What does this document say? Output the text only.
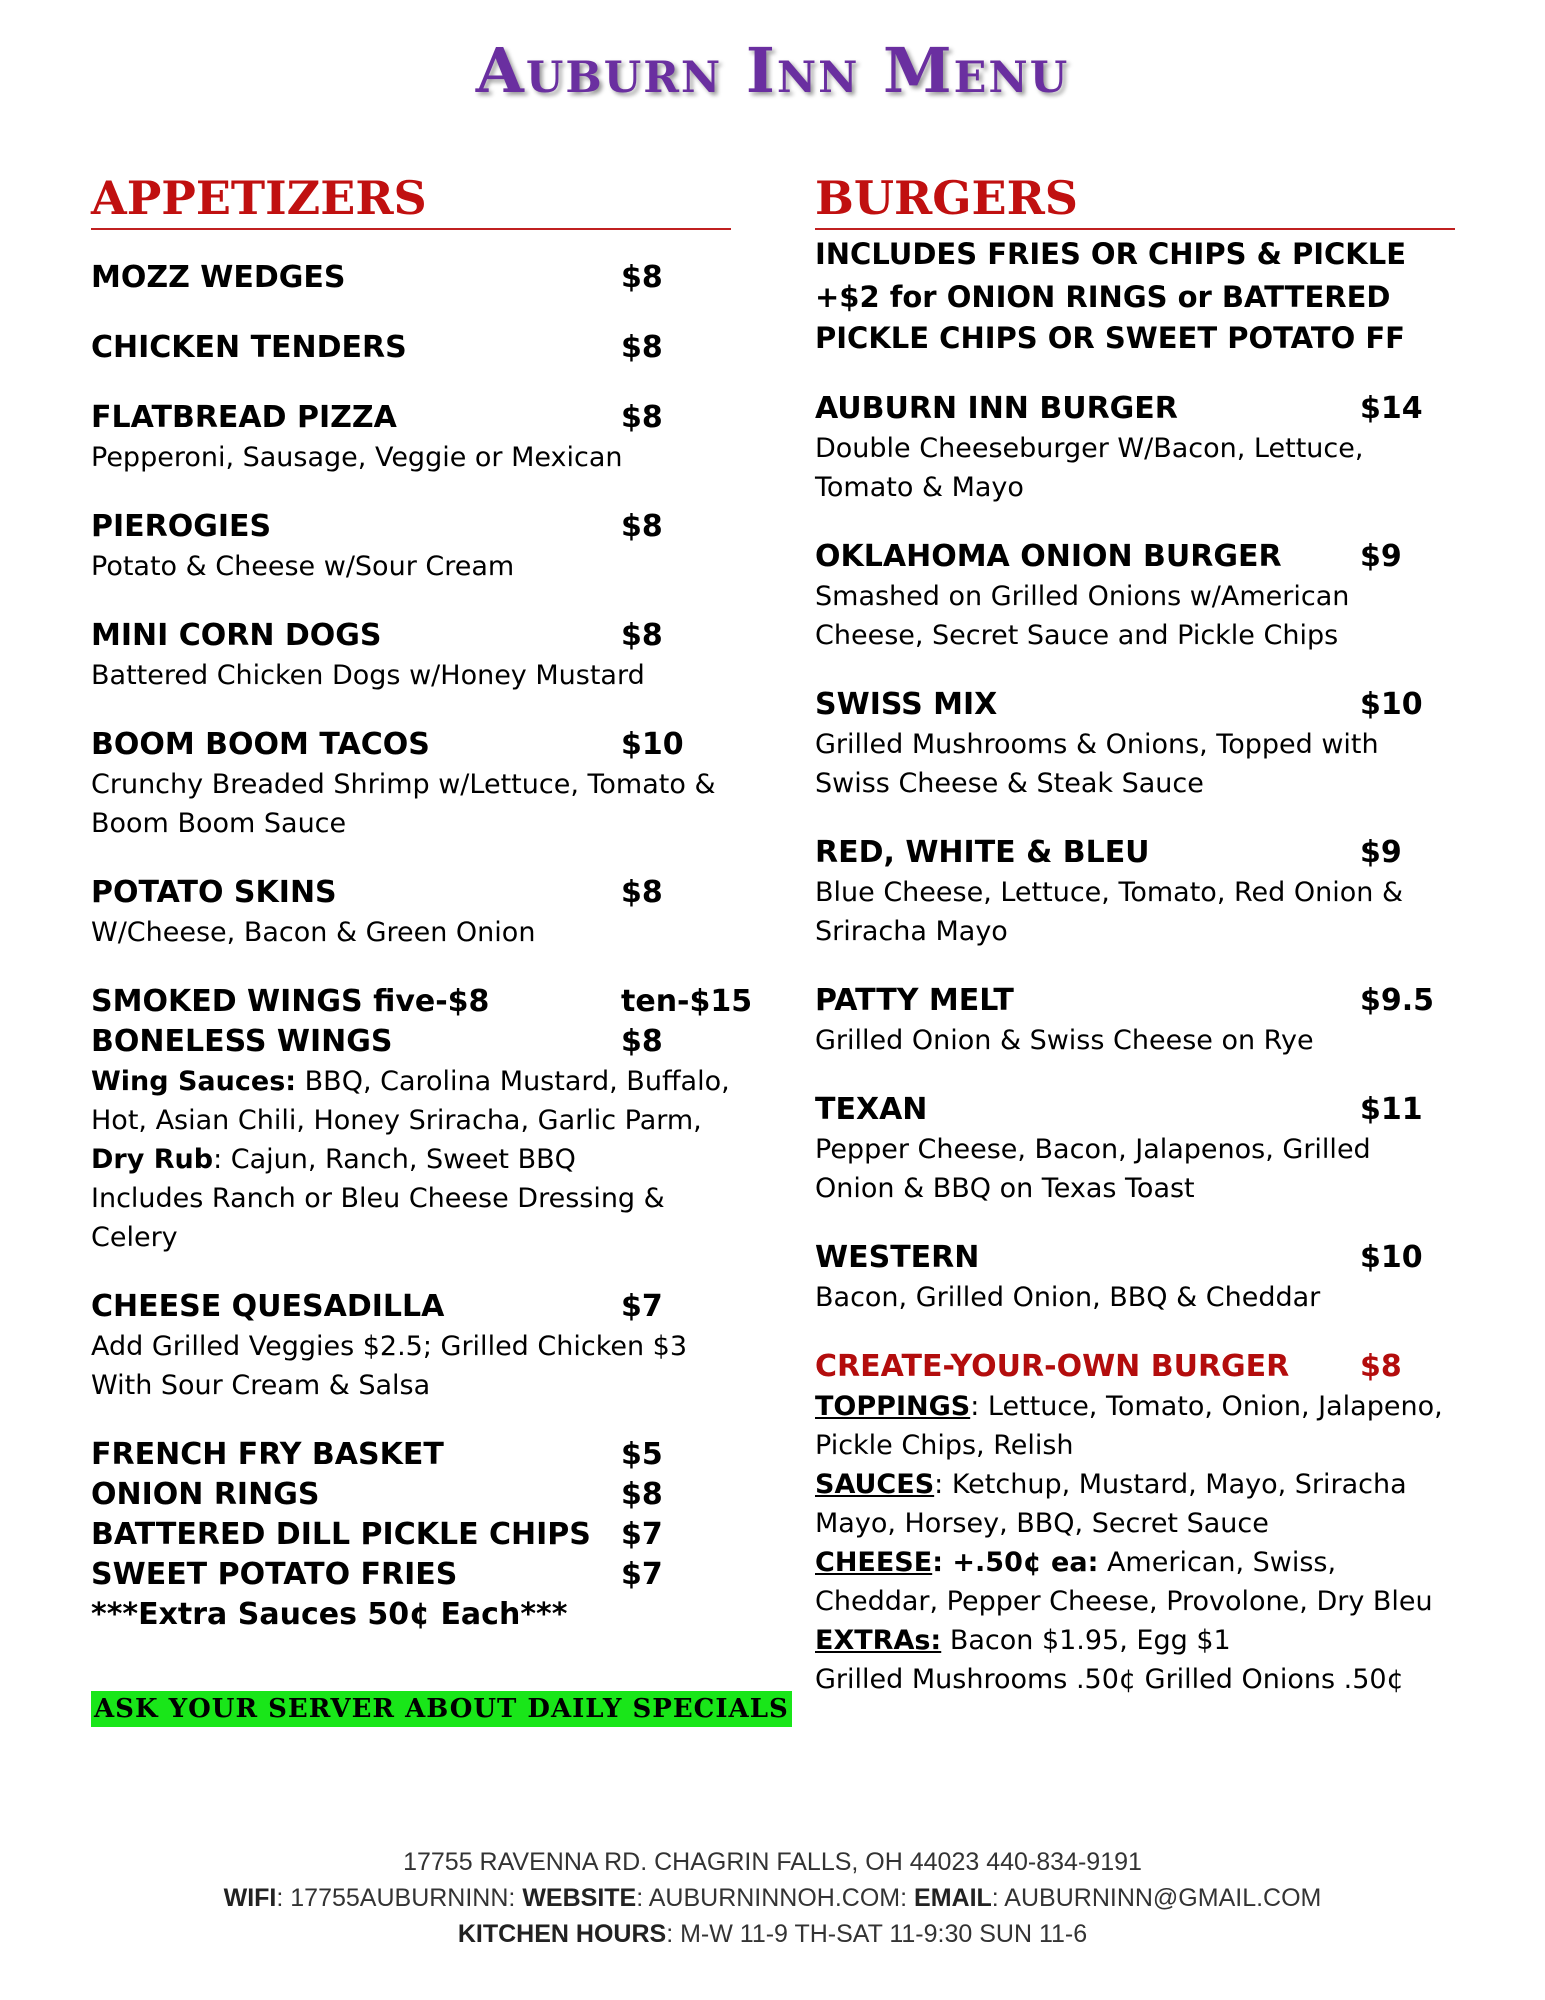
Auburn Inn Menu
APPETIZERS
MOZZ WEDGES	$8
CHICKEN TENDERS	$8
FLATBREAD PIZZA	$8
Pepperoni, Sausage, Veggie or Mexican
PIEROGIES	$8
Potato & Cheese w/Sour Cream
MINI CORN DOGS	$8
Battered Chicken Dogs w/Honey Mustard
BOOM BOOM TACOS	$10
Crunchy Breaded Shrimp w/Lettuce, Tomato & Boom Boom Sauce
POTATO SKINS	$8
W/Cheese, Bacon & Green Onion
SMOKED WINGS five-$8	ten-$15
BONELESS WINGS	$8
Wing Sauces: BBQ, Carolina Mustard, Buffalo, Hot, Asian Chili, Honey Sriracha, Garlic Parm,
Dry Rub: Cajun, Ranch, Sweet BBQ
Includes Ranch or Bleu Cheese Dressing & Celery
CHEESE QUESADILLA	$7
Add Grilled Veggies $2.5; Grilled Chicken $3
With Sour Cream & Salsa
FRENCH FRY BASKET	$5
ONION RINGS	$8
BATTERED DILL PICKLE CHIPS $7
SWEET POTATO FRIES	$7
***Extra Sauces 50¢ Each***
ASK YOUR SERVER ABOUT DAILY SPECIALS
BURGERS
INCLUDES FRIES OR CHIPS & PICKLE
+$2 for ONION RINGS or BATTERED PICKLE CHIPS OR SWEET POTATO FF
AUBURN INN BURGER	$14
Double Cheeseburger W/Bacon, Lettuce, Tomato & Mayo
OKLAHOMA ONION BURGER	$9
Smashed on Grilled Onions w/American Cheese, Secret Sauce and Pickle Chips
SWISS MIX	$10
Grilled Mushrooms & Onions, Topped with Swiss Cheese & Steak Sauce
RED, WHITE & BLEU	$9
Blue Cheese, Lettuce, Tomato, Red Onion & Sriracha Mayo
PATTY MELT	$9.5
Grilled Onion & Swiss Cheese on Rye
TEXAN	$11
Pepper Cheese, Bacon, Jalapenos, Grilled Onion & BBQ on Texas Toast
WESTERN	$10
Bacon, Grilled Onion, BBQ & Cheddar
CREATE-YOUR-OWN BURGER $8
TOPPINGS: Lettuce, Tomato, Onion, Jalapeno, Pickle Chips, Relish
SAUCES: Ketchup, Mustard, Mayo, Sriracha Mayo, Horsey, BBQ, Secret Sauce
CHEESE: +.50¢ ea: American, Swiss, Cheddar, Pepper Cheese, Provolone, Dry Bleu
EXTRAs: Bacon $1.95, Egg $1
Grilled Mushrooms .50¢ Grilled Onions .50¢
17755 RAVENNA RD. CHAGRIN FALLS, OH 44023 440-834-9191
WIFI: 17755AUBURNINN: WEBSITE: AUBURNINNOH.COM: EMAIL: AUBURNINN@GMAIL.COM
KITCHEN HOURS: M-W 11-9 TH-SAT 11-9:30 SUN 11-6
